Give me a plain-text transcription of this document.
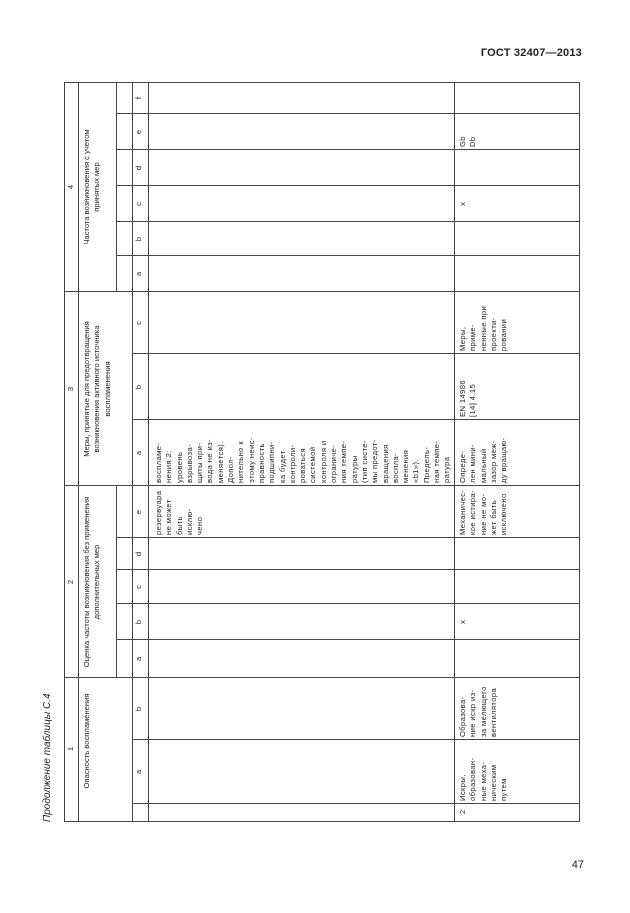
ГОСТ 32407—2013
Продолжение таблицы С.4
47
1
2
3
4
Опасность воспламенения
Оценка частоты возникновения без применения дополнительных мер
Меры, принятые для предотвращения возникновения активного источника воспламенения
Частота возникновения с учетом принятых мер
a
b
a
b
c
d
e
a
b
c
a
b
c
d
e
f
резервуара
не может
быть исклю-
чено
воспламе-
нения 2:
уровень
взрывоза-
щиты при-
вода не из-
меняется).
Допол-
нительно к
этому неис-
правность
подшипни-
ка будет
контроли-
роваться
системой
контроля и
ограниче-
ния темпе-
ратуры
(тип систе-
мы предот-
вращения
воспла-
менения
«b1»).
Предель-
ная темпе-
ратура

2
Искры,
образован-
ные меха-
ническим
путем
Образова-
ние искр из-
за мелющего
вентилятора
x
Механичес-
кое истира-
ние не мо-
жет быть
исключено
Опреде-
лен мини-
мальный
зазор меж-
ду вращаю-
EN 14986
[14] 4.15
Меры,
приме-
ненные при
проекти-
ровании
x
Gb
Db
